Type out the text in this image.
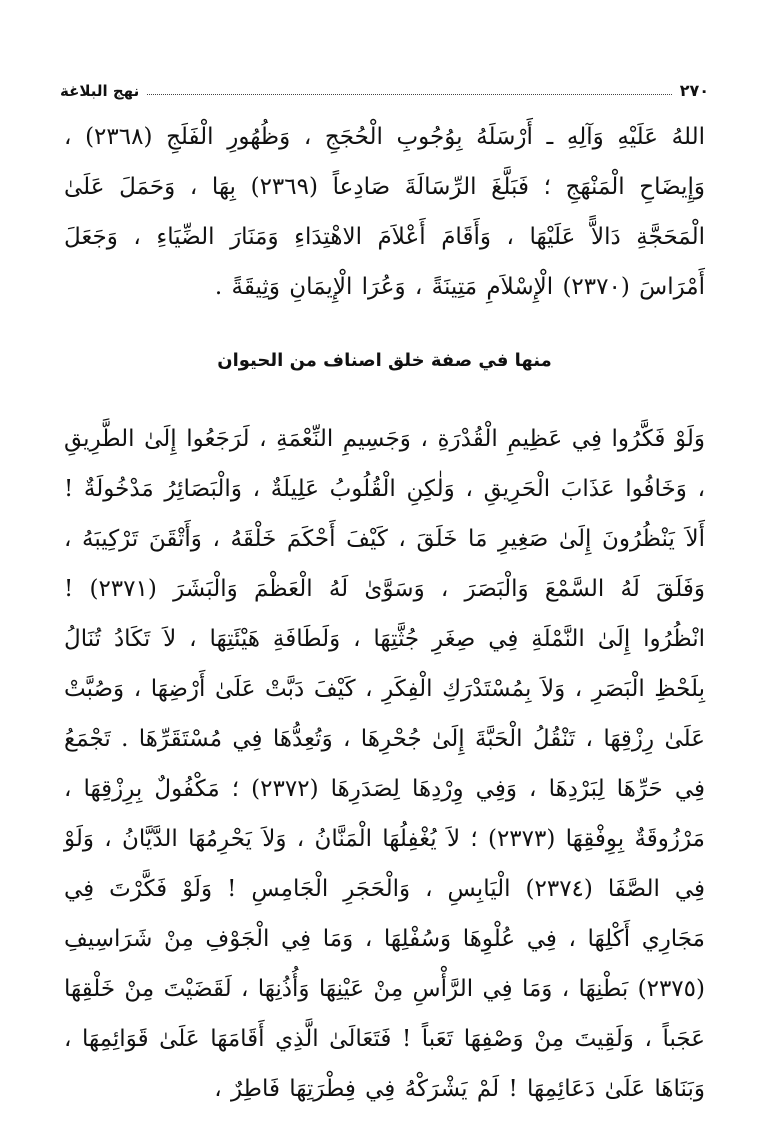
٢٧٠
نهج البلاغة

اللهُ عَلَيْهِ وَآلِهِ ـ أَرْسَلَهُ بِوُجُوبِ الْحُجَجِ ، وَظُهُورِ الْفَلَجِ (٢٣٦٨) ، وَإِيضَاحِ الْمَنْهَجِ ؛ فَبَلَّغَ الرِّسَالَةَ صَادِعاً (٢٣٦٩) بِهَا ، وَحَمَلَ عَلَىٰ الْمَحَجَّةِ دَالاًّ عَلَيْهَا ، وَأَقَامَ أَعْلاَمَ الاهْتِدَاءِ وَمَنَارَ الضِّيَاءِ ، وَجَعَلَ أَمْرَاسَ (٢٣٧٠) الْإِسْلاَمِ مَتِينَةً ، وَعُرَا الْإِيمَانِ وَثِيقَةً .

منها في صفة خلق اصناف من الحيوان

وَلَوْ فَكَّرُوا فِي عَظِيمِ الْقُدْرَةِ ، وَجَسِيمِ النِّعْمَةِ ، لَرَجَعُوا إِلَىٰ الطَّرِيقِ ، وَخَافُوا عَذَابَ الْحَرِيقِ ، وَلٰكِنِ الْقُلُوبُ عَلِيلَةٌ ، وَالْبَصَائِرُ مَدْخُولَةٌ ! أَلاَ يَنْظُرُونَ إِلَىٰ صَغِيرِ مَا خَلَقَ ، كَيْفَ أَحْكَمَ خَلْقَهُ ، وَأَتْقَنَ تَرْكِيبَهُ ، وَفَلَقَ لَهُ السَّمْعَ وَالْبَصَرَ ، وَسَوَّىٰ لَهُ الْعَظْمَ وَالْبَشَرَ (٢٣٧١) ! انْظُرُوا إِلَىٰ النَّمْلَةِ فِي صِغَرِ جُثَّتِهَا ، وَلَطَافَةِ هَيْئَتِهَا ، لاَ تَكَادُ تُنَالُ بِلَحْظِ الْبَصَرِ ، وَلاَ بِمُسْتَدْرَكِ الْفِكَرِ ، كَيْفَ دَبَّتْ عَلَىٰ أَرْضِهَا ، وَصُبَّتْ عَلَىٰ رِزْقِهَا ، تَنْقُلُ الْحَبَّةَ إِلَىٰ جُحْرِهَا ، وَتُعِدُّهَا فِي مُسْتَقَرِّهَا . تَجْمَعُ فِي حَرِّهَا لِبَرْدِهَا ، وَفِي وِرْدِهَا لِصَدَرِهَا (٢٣٧٢) ؛ مَكْفُولٌ بِرِزْقِهَا ، مَرْزُوقَةٌ بِوِفْقِهَا (٢٣٧٣) ؛ لاَ يُغْفِلُهَا الْمَنَّانُ ، وَلاَ يَحْرِمُهَا الدَّيَّانُ ، وَلَوْ فِي الصَّفَا (٢٣٧٤) الْيَابِسِ ، وَالْحَجَرِ الْجَامِسِ ! وَلَوْ فَكَّرْتَ فِي مَجَارِي أَكْلِهَا ، فِي عُلْوِهَا وَسُفْلِهَا ، وَمَا فِي الْجَوْفِ مِنْ شَرَاسِيفِ (٢٣٧٥) بَطْنِهَا ، وَمَا فِي الرَّأْسِ مِنْ عَيْنِهَا وَأُذُنِهَا ، لَقَضَيْتَ مِنْ خَلْقِهَا عَجَباً ، وَلَقِيتَ مِنْ وَصْفِهَا تَعَباً ! فَتَعَالَىٰ الَّذِي أَقَامَهَا عَلَىٰ قَوَائِمِهَا ، وَبَنَاهَا عَلَىٰ دَعَائِمِهَا ! لَمْ يَشْرَكْهُ فِي فِطْرَتِهَا فَاطِرٌ ،
